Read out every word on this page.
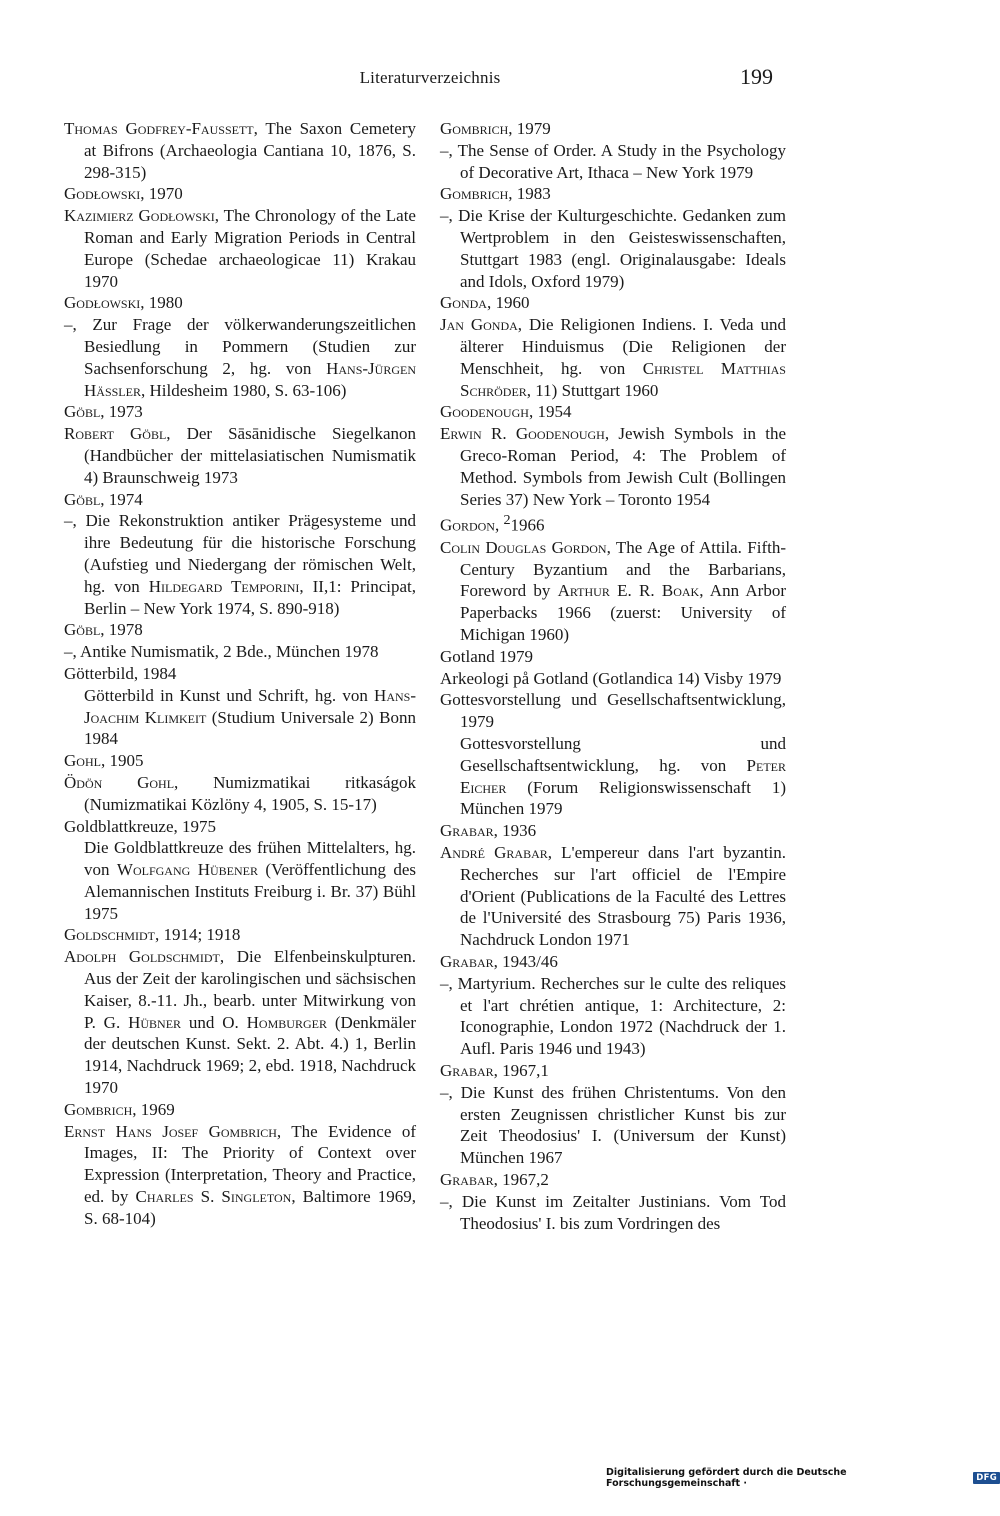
Literaturverzeichnis	199

Thomas Godfrey-Faussett, The Saxon Cemetery at Bifrons (Archaeologia Cantiana 10, 1876, S. 298-315)

Godłowski, 1970

Kazimierz Godłowski, The Chronology of the Late Roman and Early Migration Periods in Central Europe (Schedae archaeologicae 11) Krakau 1970

Godłowski, 1980

–, Zur Frage der völkerwanderungszeitlichen Besiedlung in Pommern (Studien zur Sachsenforschung 2, hg. von Hans-Jürgen Hässler, Hildesheim 1980, S. 63-106)

Göbl, 1973

Robert Göbl, Der Sāsānidische Siegelkanon (Handbücher der mittelasiatischen Numismatik 4) Braunschweig 1973

Göbl, 1974

–, Die Rekonstruktion antiker Prägesysteme und ihre Bedeutung für die historische Forschung (Aufstieg und Niedergang der römischen Welt, hg. von Hildegard Temporini, II,1: Principat, Berlin – New York 1974, S. 890-918)

Göbl, 1978

–, Antike Numismatik, 2 Bde., München 1978

Götterbild, 1984

Götterbild in Kunst und Schrift, hg. von Hans-Joachim Klimkeit (Studium Universale 2) Bonn 1984

Gohl, 1905

Ödön Gohl, Numizmatikai ritkaságok (Numizmatikai Közlöny 4, 1905, S. 15-17)

Goldblattkreuze, 1975

Die Goldblattkreuze des frühen Mittelalters, hg. von Wolfgang Hübener (Veröffentlichung des Alemannischen Instituts Freiburg i. Br. 37) Bühl 1975

Goldschmidt, 1914; 1918

Adolph Goldschmidt, Die Elfenbeinskulpturen. Aus der Zeit der karolingischen und sächsischen Kaiser, 8.-11. Jh., bearb. unter Mitwirkung von P. G. Hübner und O. Homburger (Denkmäler der deutschen Kunst. Sekt. 2. Abt. 4.) 1, Berlin 1914, Nachdruck 1969; 2, ebd. 1918, Nachdruck 1970

Gombrich, 1969

Ernst Hans Josef Gombrich, The Evidence of Images, II: The Priority of Context over Expression (Interpretation, Theory and Practice, ed. by Charles S. Singleton, Baltimore 1969, S. 68-104)

Gombrich, 1979

–, The Sense of Order. A Study in the Psychology of Decorative Art, Ithaca – New York 1979

Gombrich, 1983

–, Die Krise der Kulturgeschichte. Gedanken zum Wertproblem in den Geisteswissenschaften, Stuttgart 1983 (engl. Originalausgabe: Ideals and Idols, Oxford 1979)

Gonda, 1960

Jan Gonda, Die Religionen Indiens. I. Veda und älterer Hinduismus (Die Religionen der Menschheit, hg. von Christel Matthias Schröder, 11) Stuttgart 1960

Goodenough, 1954

Erwin R. Goodenough, Jewish Symbols in the Greco-Roman Period, 4: The Problem of Method. Symbols from Jewish Cult (Bollingen Series 37) New York – Toronto 1954

Gordon, $^2$1966

Colin Douglas Gordon, The Age of Attila. Fifth-Century Byzantium and the Barbarians, Foreword by Arthur E. R. Boak, Ann Arbor Paperbacks 1966 (zuerst: University of Michigan 1960)

Gotland 1979

Arkeologi på Gotland (Gotlandica 14) Visby 1979

Gottesvorstellung und Gesellschaftsentwicklung, 1979

Gottesvorstellung und Gesellschaftsentwicklung, hg. von Peter Eicher (Forum Religionswissenschaft 1) München 1979

Grabar, 1936

André Grabar, L'empereur dans l'art byzantin. Recherches sur l'art officiel de l'Empire d'Orient (Publications de la Faculté des Lettres de l'Université des Strasbourg 75) Paris 1936, Nachdruck London 1971

Grabar, 1943/46

–, Martyrium. Recherches sur le culte des reliques et l'art chrétien antique, 1: Architecture, 2: Iconographie, London 1972 (Nachdruck der 1. Aufl. Paris 1946 und 1943)

Grabar, 1967,1

–, Die Kunst des frühen Christentums. Von den ersten Zeugnissen christlicher Kunst bis zur Zeit Theodosius' I. (Universum der Kunst) München 1967

Grabar, 1967,2

–, Die Kunst im Zeitalter Justinians. Vom Tod Theodosius' I. bis zum Vordringen des

Digitalisierung gefördert durch die Deutsche Forschungsgemeinschaft ·	DFG
